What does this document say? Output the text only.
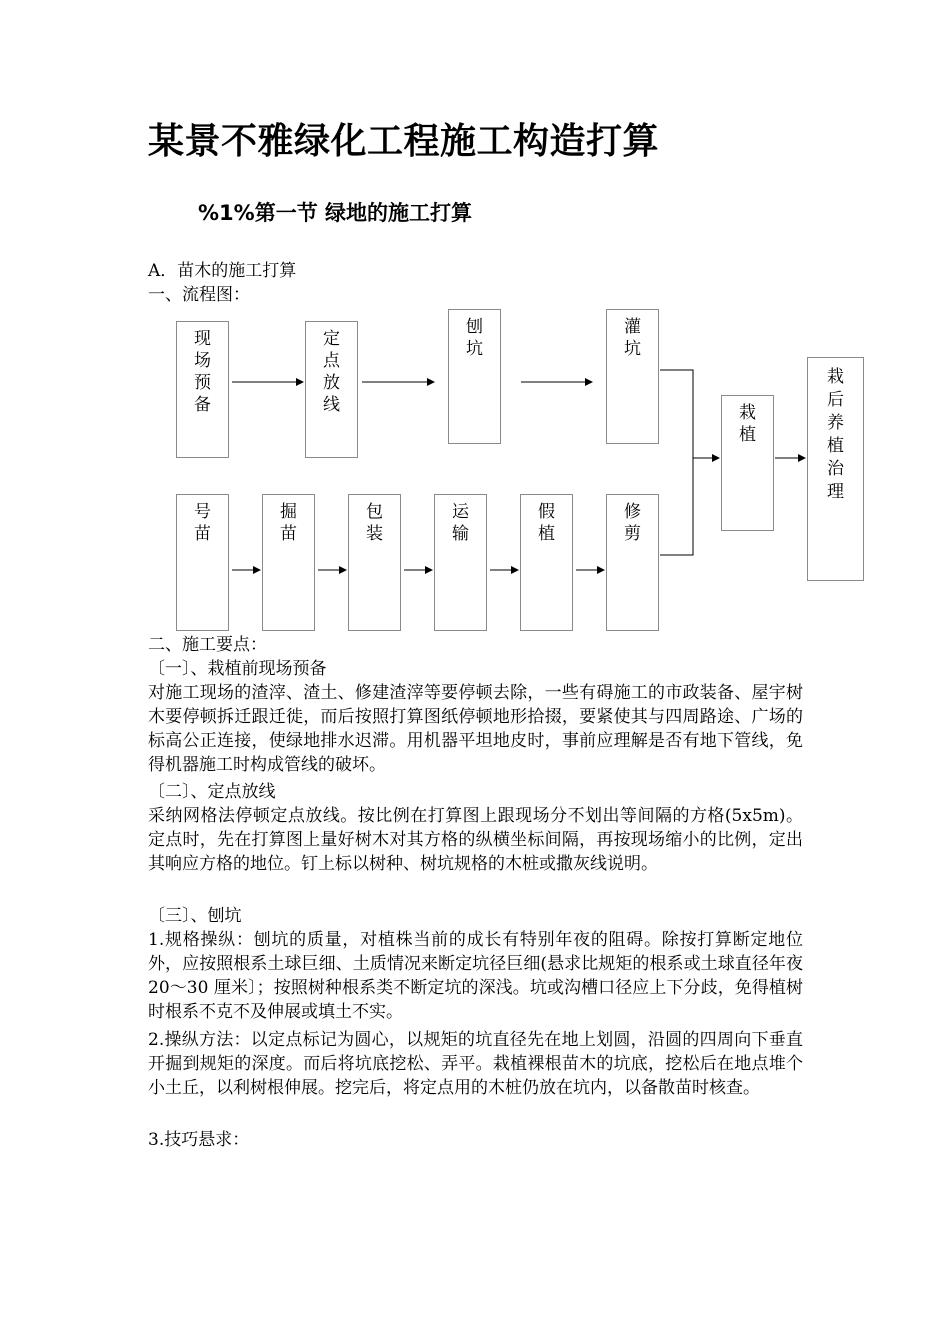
某景不雅绿化工程施工构造打算
%1%第一节 绿地的施工打算

A．苗木的施工打算

一、流程图：

现场预备
定点放线
刨坑
灌坑
号苗
掘苗
包装
运输
假植
修剪
栽植
栽后养植治理

二、施工要点：

〔一〕、栽植前现场预备

对施工现场的渣滓、渣土、修建渣滓等要停顿去除，一些有碍施工的市政装备、屋宇树木要停顿拆迁跟迁徙，而后按照打算图纸停顿地形拾掇，要紧使其与四周路途、广场的标高公正连接，使绿地排水迟滞。用机器平坦地皮时，事前应理解是否有地下管线，免得机器施工时构成管线的破坏。

〔二〕、定点放线

采纳网格法停顿定点放线。按比例在打算图上跟现场分不划出等间隔的方格(5x5m)。定点时，先在打算图上量好树木对其方格的纵横坐标间隔，再按现场缩小的比例，定出其响应方格的地位。钉上标以树种、树坑规格的木桩或撒灰线说明。

〔三〕、刨坑

1.规格操纵：刨坑的质量，对植株当前的成长有特别年夜的阻碍。除按打算断定地位外，应按照根系土球巨细、土质情况来断定坑径巨细(悬求比规矩的根系或土球直径年夜 20～30 厘米〕；按照树种根系类不断定坑的深浅。坑或沟槽口径应上下分歧，免得植树时根系不克不及伸展或填土不实。

2.操纵方法：以定点标记为圆心，以规矩的坑直径先在地上划圆，沿圆的四周向下垂直开掘到规矩的深度。而后将坑底挖松、弄平。栽植裸根苗木的坑底，挖松后在地点堆个小土丘，以利树根伸展。挖完后，将定点用的木桩仍放在坑内，以备散苗时核查。

3.技巧悬求：
